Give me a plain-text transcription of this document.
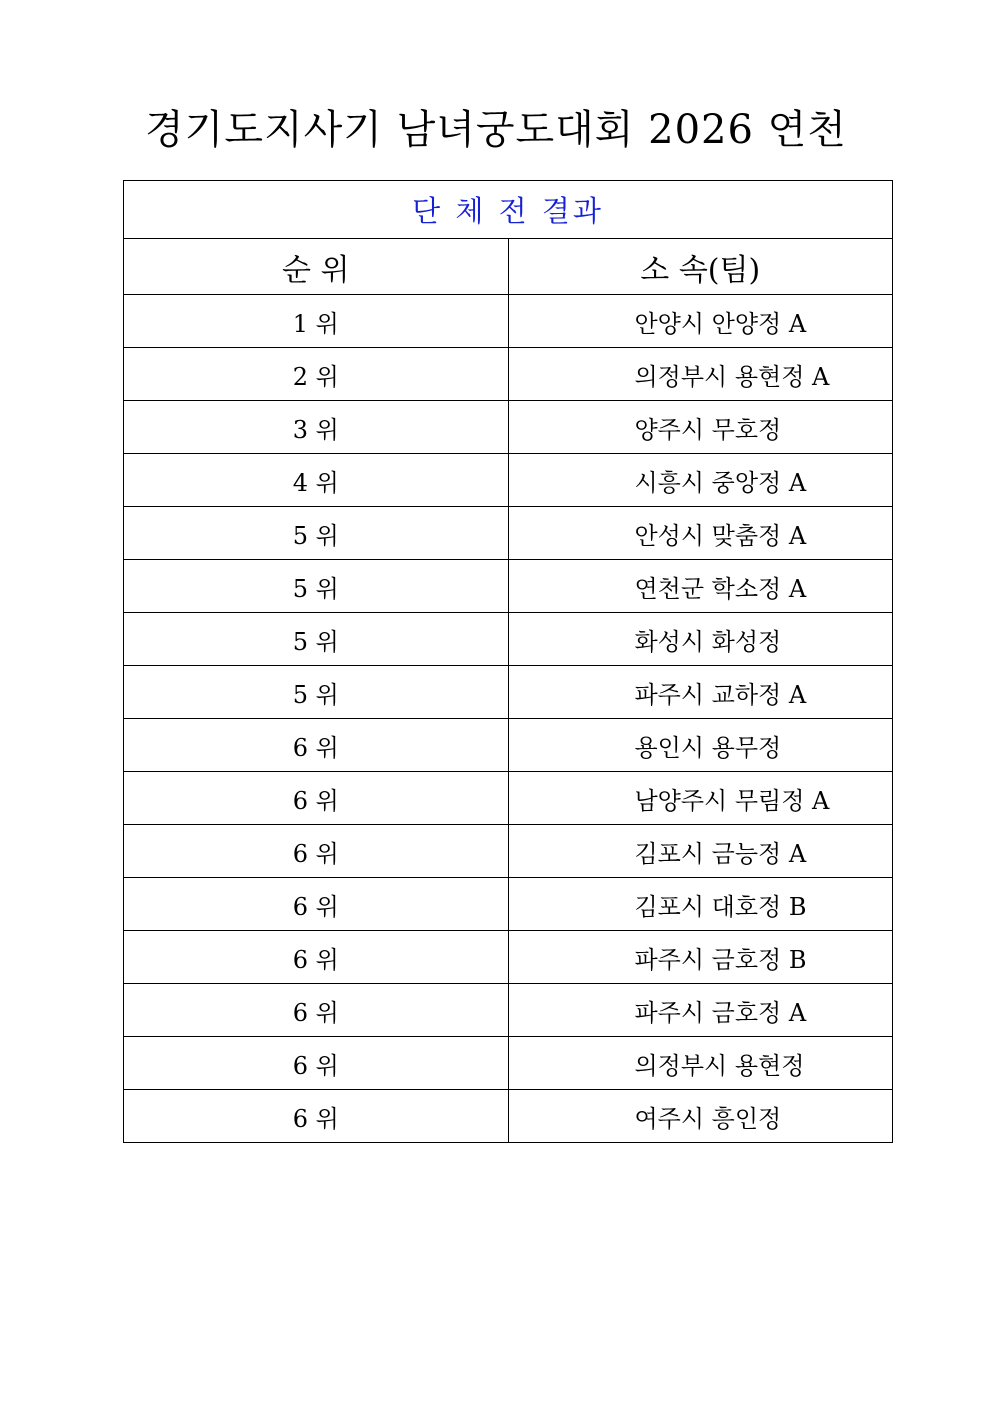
경기도지사기 남녀궁도대회 2026 연천
단 체 전 결과	
순 위	소 속(팀)
1 위	안양시 안양정 A
2 위	의정부시 용현정 A
3 위	양주시 무호정
4 위	시흥시 중앙정 A
5 위	안성시 맞춤정 A
5 위	연천군 학소정 A
5 위	화성시 화성정
5 위	파주시 교하정 A
6 위	용인시 용무정
6 위	남양주시 무림정 A
6 위	김포시 금능정 A
6 위	김포시 대호정 B
6 위	파주시 금호정 B
6 위	파주시 금호정 A
6 위	의정부시 용현정
6 위	여주시 흥인정
